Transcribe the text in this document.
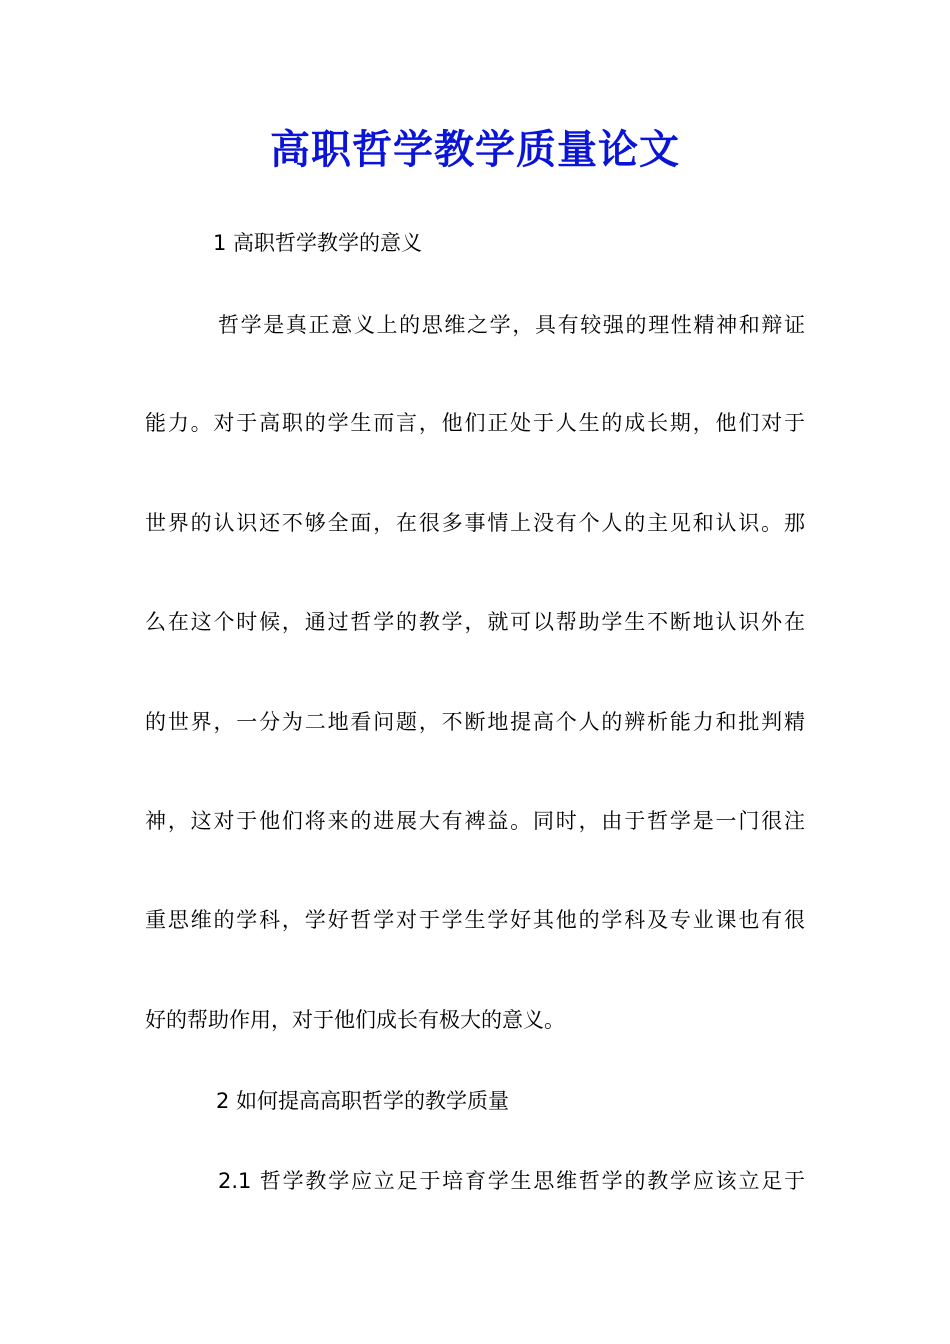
高职哲学教学质量论文
1 高职哲学教学的意义
哲学是真正意义上的思维之学，具有较强的理性精神和辩证
能力。对于高职的学生而言，他们正处于人生的成长期，他们对于
世界的认识还不够全面，在很多事情上没有个人的主见和认识。那
么在这个时候，通过哲学的教学，就可以帮助学生不断地认识外在
的世界，一分为二地看问题，不断地提高个人的辨析能力和批判精
神，这对于他们将来的进展大有裨益。同时，由于哲学是一门很注
重思维的学科，学好哲学对于学生学好其他的学科及专业课也有很
好的帮助作用，对于他们成长有极大的意义。
2 如何提高高职哲学的教学质量
2.1 哲学教学应立足于培育学生思维哲学的教学应该立足于
